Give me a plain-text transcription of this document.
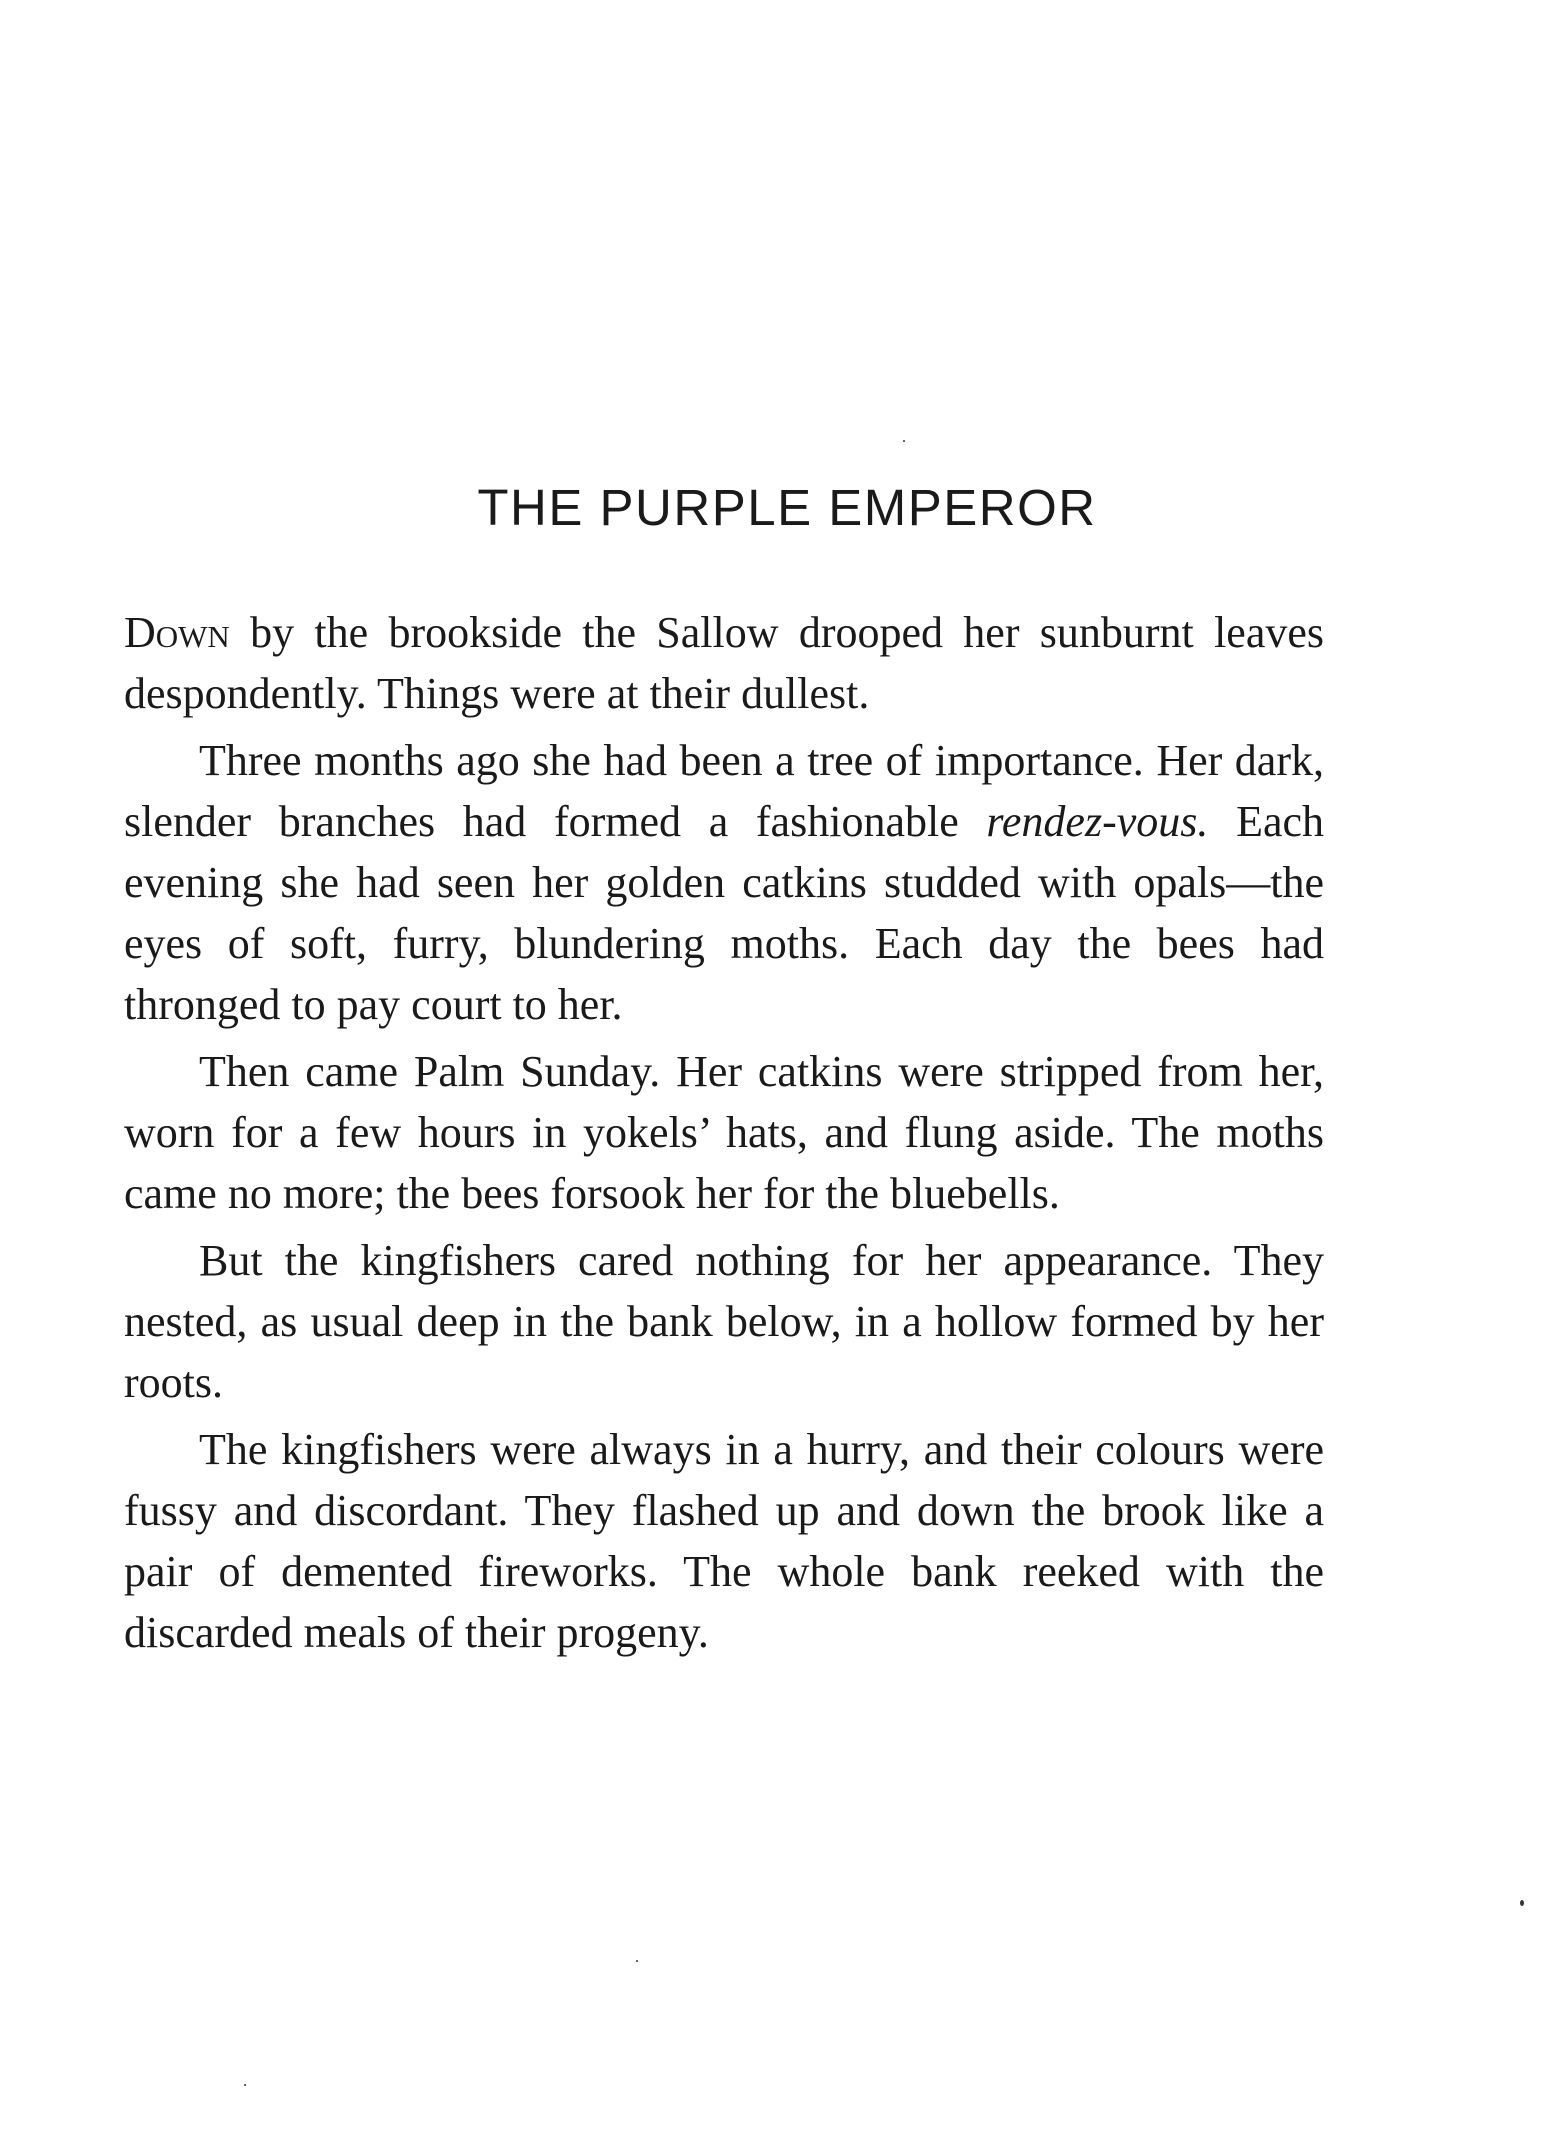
THE PURPLE EMPEROR

Down by the brookside the Sallow drooped her sunburnt leaves despondently. Things were at their dullest.

Three months ago she had been a tree of importance. Her dark, slender branches had formed a fashionable rendez-vous. Each evening she had seen her golden catkins studded with opals—the eyes of soft, furry, blundering moths. Each day the bees had thronged to pay court to her.

Then came Palm Sunday. Her catkins were stripped from her, worn for a few hours in yokels’ hats, and flung aside. The moths came no more; the bees forsook her for the bluebells.

But the kingfishers cared nothing for her appearance. They nested, as usual deep in the bank below, in a hollow formed by her roots.

The kingfishers were always in a hurry, and their colours were fussy and discordant. They flashed up and down the brook like a pair of demented fireworks. The whole bank reeked with the discarded meals of their progeny.
